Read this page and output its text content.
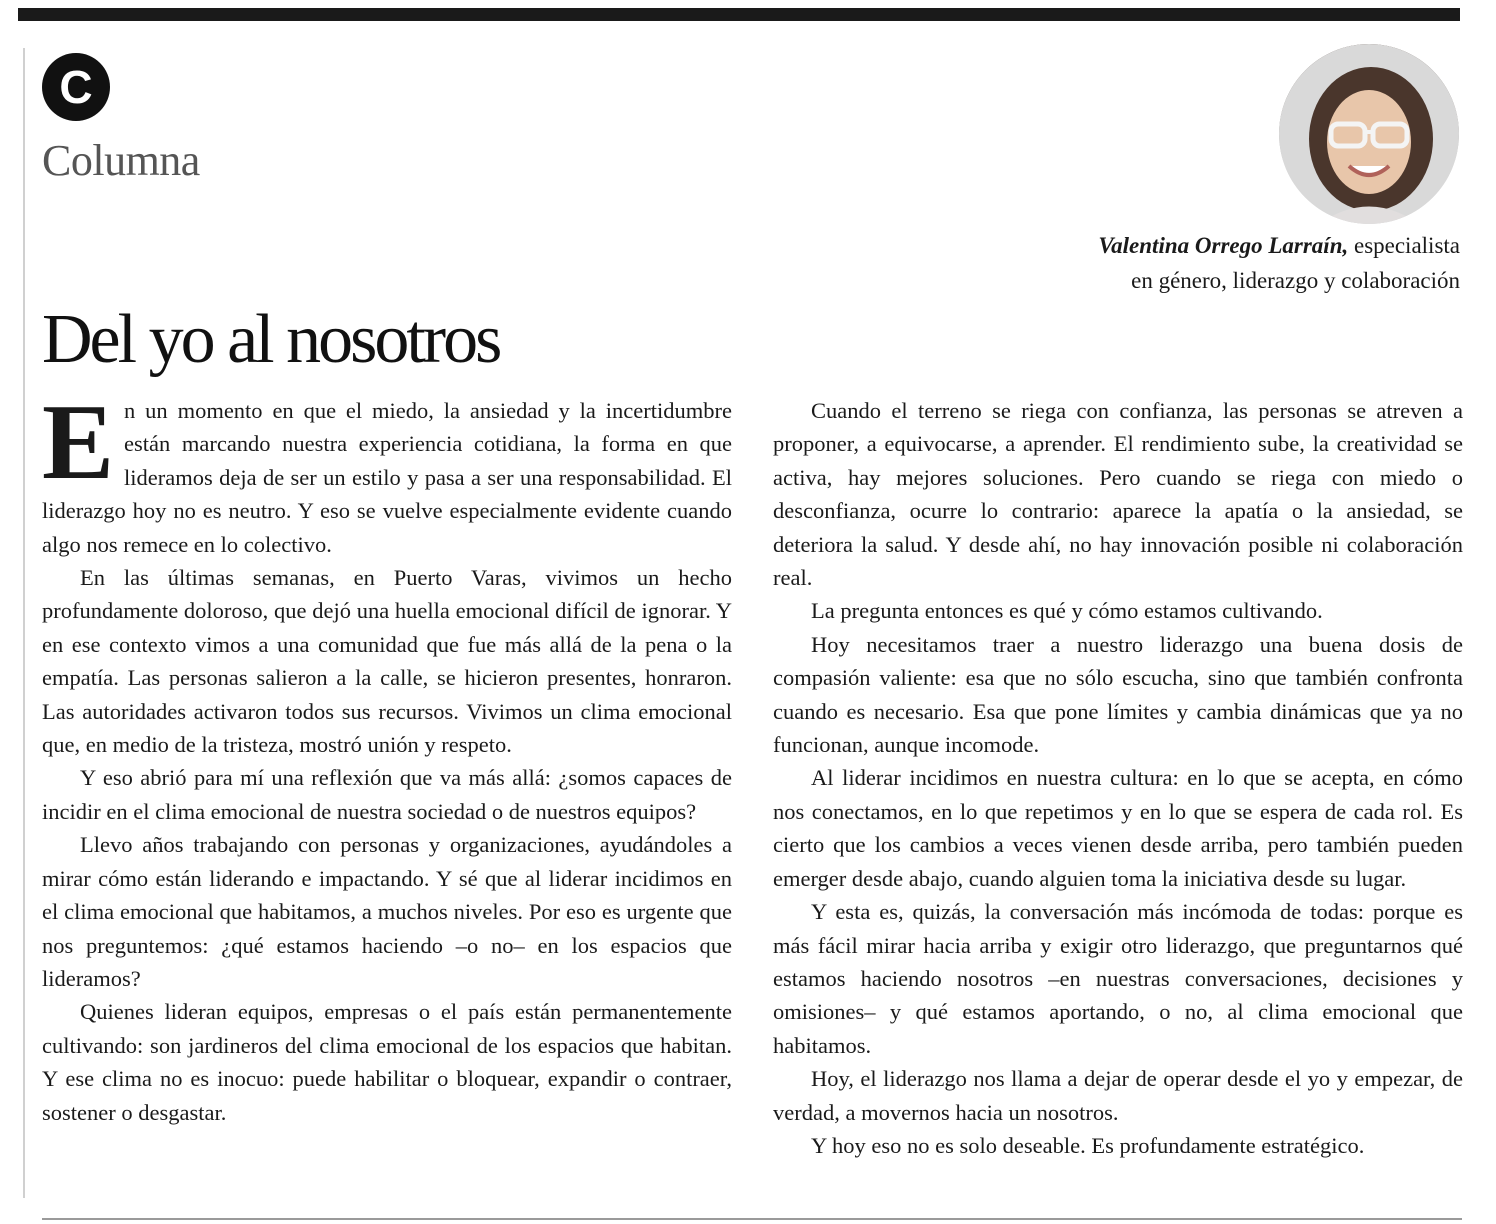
C
Columna
Valentina Orrego Larraín, especialista
en género, liderazgo y colaboración
Del yo al nosotros

En un momento en que el miedo, la ansiedad y la incertidumbre están marcando nuestra experiencia cotidiana, la forma en que lideramos deja de ser un estilo y pasa a ser una responsabilidad. El liderazgo hoy no es neutro. Y eso se vuelve especialmente evidente cuando algo nos remece en lo colectivo.

En las últimas semanas, en Puerto Varas, vivimos un hecho profundamente doloroso, que dejó una huella emocional difícil de ignorar. Y en ese contexto vimos a una comunidad que fue más allá de la pena o la empatía. Las personas salieron a la calle, se hicieron presentes, honraron. Las autoridades activaron todos sus recursos. Vivimos un clima emocional que, en medio de la tristeza, mostró unión y respeto.

Y eso abrió para mí una reflexión que va más allá: ¿somos capaces de incidir en el clima emocional de nuestra sociedad o de nuestros equipos?

Llevo años trabajando con personas y organizaciones, ayudándoles a mirar cómo están liderando e impactando. Y sé que al liderar incidimos en el clima emocional que habitamos, a muchos niveles. Por eso es urgente que nos preguntemos: ¿qué estamos haciendo –o no– en los espacios que lideramos?

Quienes lideran equipos, empresas o el país están permanentemente cultivando: son jardineros del clima emocional de los espacios que habitan. Y ese clima no es inocuo: puede habilitar o bloquear, expandir o contraer, sostener o desgastar.

Cuando el terreno se riega con confianza, las personas se atreven a proponer, a equivocarse, a aprender. El rendimiento sube, la creatividad se activa, hay mejores soluciones. Pero cuando se riega con miedo o desconfianza, ocurre lo contrario: aparece la apatía o la ansiedad, se deteriora la salud. Y desde ahí, no hay innovación posible ni colaboración real.

La pregunta entonces es qué y cómo estamos cultivando.

Hoy necesitamos traer a nuestro liderazgo una buena dosis de compasión valiente: esa que no sólo escucha, sino que también confronta cuando es necesario. Esa que pone límites y cambia dinámicas que ya no funcionan, aunque incomode.

Al liderar incidimos en nuestra cultura: en lo que se acepta, en cómo nos conectamos, en lo que repetimos y en lo que se espera de cada rol. Es cierto que los cambios a veces vienen desde arriba, pero también pueden emerger desde abajo, cuando alguien toma la iniciativa desde su lugar.

Y esta es, quizás, la conversación más incómoda de todas: porque es más fácil mirar hacia arriba y exigir otro liderazgo, que preguntarnos qué estamos haciendo nosotros –en nuestras conversaciones, decisiones y omisiones– y qué estamos aportando, o no, al clima emocional que habitamos.

Hoy, el liderazgo nos llama a dejar de operar desde el yo y empezar, de verdad, a movernos hacia un nosotros.

Y hoy eso no es solo deseable. Es profundamente estratégico.
